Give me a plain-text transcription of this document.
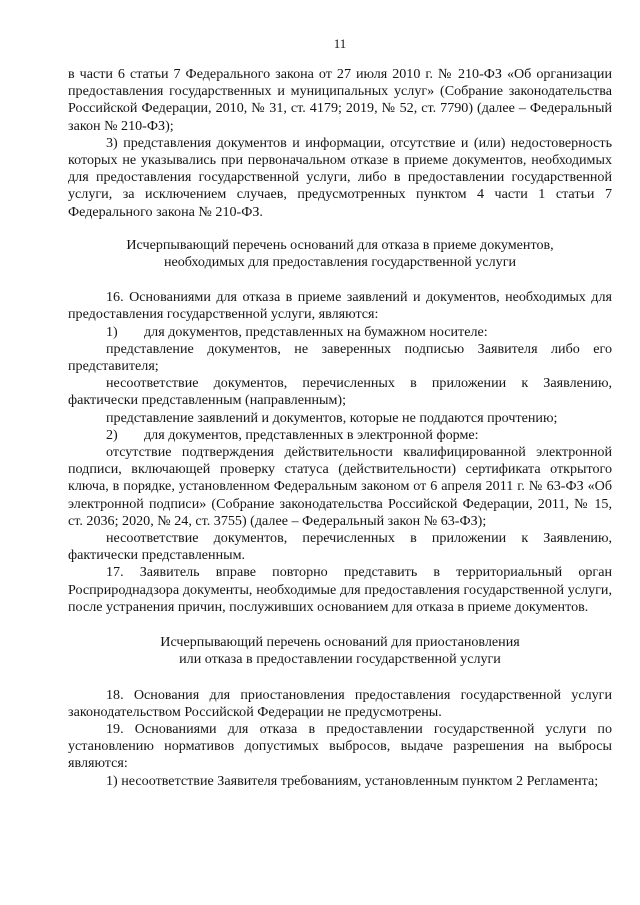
11

в части 6 статьи 7 Федерального закона от 27 июля 2010 г. № 210-ФЗ «Об организации предоставления государственных и муниципальных услуг» (Собрание законодательства Российской Федерации, 2010, № 31, ст. 4179; 2019, № 52, ст. 7790) (далее – Федеральный закон № 210-ФЗ);

3) представления документов и информации, отсутствие и (или) недостоверность которых не указывались при первоначальном отказе в приеме документов, необходимых для предоставления государственной услуги, либо в предоставлении государственной услуги, за исключением случаев, предусмотренных пунктом 4 части 1 статьи 7 Федерального закона № 210-ФЗ.

Исчерпывающий перечень оснований для отказа в приеме документов,
необходимых для предоставления государственной услуги

16. Основаниями для отказа в приеме заявлений и документов, необходимых для предоставления государственной услуги, являются:

1) для документов, представленных на бумажном носителе:

представление документов, не заверенных подписью Заявителя либо его представителя;

несоответствие документов, перечисленных в приложении к Заявлению, фактически представленным (направленным);

представление заявлений и документов, которые не поддаются прочтению;

2) для документов, представленных в электронной форме:

отсутствие подтверждения действительности квалифицированной электронной подписи, включающей проверку статуса (действительности) сертификата открытого ключа, в порядке, установленном Федеральным законом от 6 апреля 2011 г. № 63-ФЗ «Об электронной подписи» (Собрание законодательства Российской Федерации, 2011, № 15, ст. 2036; 2020, № 24, ст. 3755) (далее – Федеральный закон № 63-ФЗ);

несоответствие документов, перечисленных в приложении к Заявлению, фактически представленным.

17. Заявитель вправе повторно представить в территориальный орган Росприроднадзора документы, необходимые для предоставления государственной услуги, после устранения причин, послуживших основанием для отказа в приеме документов.

Исчерпывающий перечень оснований для приостановления
или отказа в предоставлении государственной услуги

18. Основания для приостановления предоставления государственной услуги законодательством Российской Федерации не предусмотрены.

19. Основаниями для отказа в предоставлении государственной услуги по установлению нормативов допустимых выбросов, выдаче разрешения на выбросы являются:

1) несоответствие Заявителя требованиям, установленным пунктом 2 Регламента;
